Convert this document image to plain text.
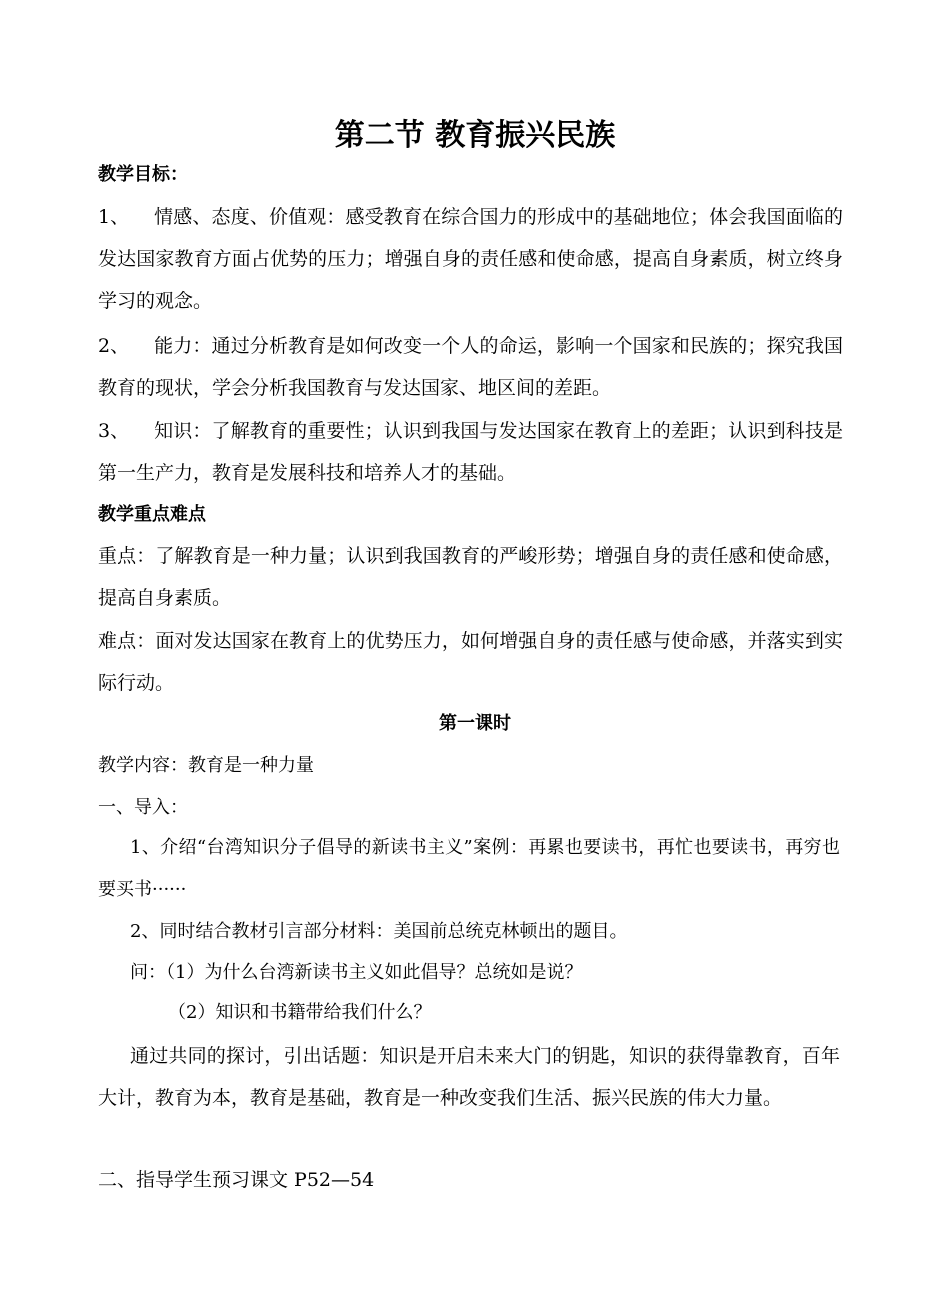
第二节 教育振兴民族
教学目标：
1、 情感、态度、价值观：感受教育在综合国力的形成中的基础地位；体会我国面临的发达国家教育方面占优势的压力；增强自身的责任感和使命感，提高自身素质，树立终身学习的观念。
2、 能力：通过分析教育是如何改变一个人的命运，影响一个国家和民族的；探究我国教育的现状，学会分析我国教育与发达国家、地区间的差距。
3、 知识：了解教育的重要性；认识到我国与发达国家在教育上的差距；认识到科技是第一生产力，教育是发展科技和培养人才的基础。
教学重点难点
重点：了解教育是一种力量；认识到我国教育的严峻形势；增强自身的责任感和使命感，提高自身素质。
难点：面对发达国家在教育上的优势压力，如何增强自身的责任感与使命感，并落实到实际行动。
第一课时
教学内容：教育是一种力量
一、导入：
1、介绍“台湾知识分子倡导的新读书主义”案例：再累也要读书，再忙也要读书，再穷也要买书······
2、同时结合教材引言部分材料：美国前总统克林顿出的题目。
问：（1）为什么台湾新读书主义如此倡导？总统如是说？
（2）知识和书籍带给我们什么？
通过共同的探讨，引出话题：知识是开启未来大门的钥匙，知识的获得靠教育，百年大计，教育为本，教育是基础，教育是一种改变我们生活、振兴民族的伟大力量。
二、指导学生预习课文 P52—54
